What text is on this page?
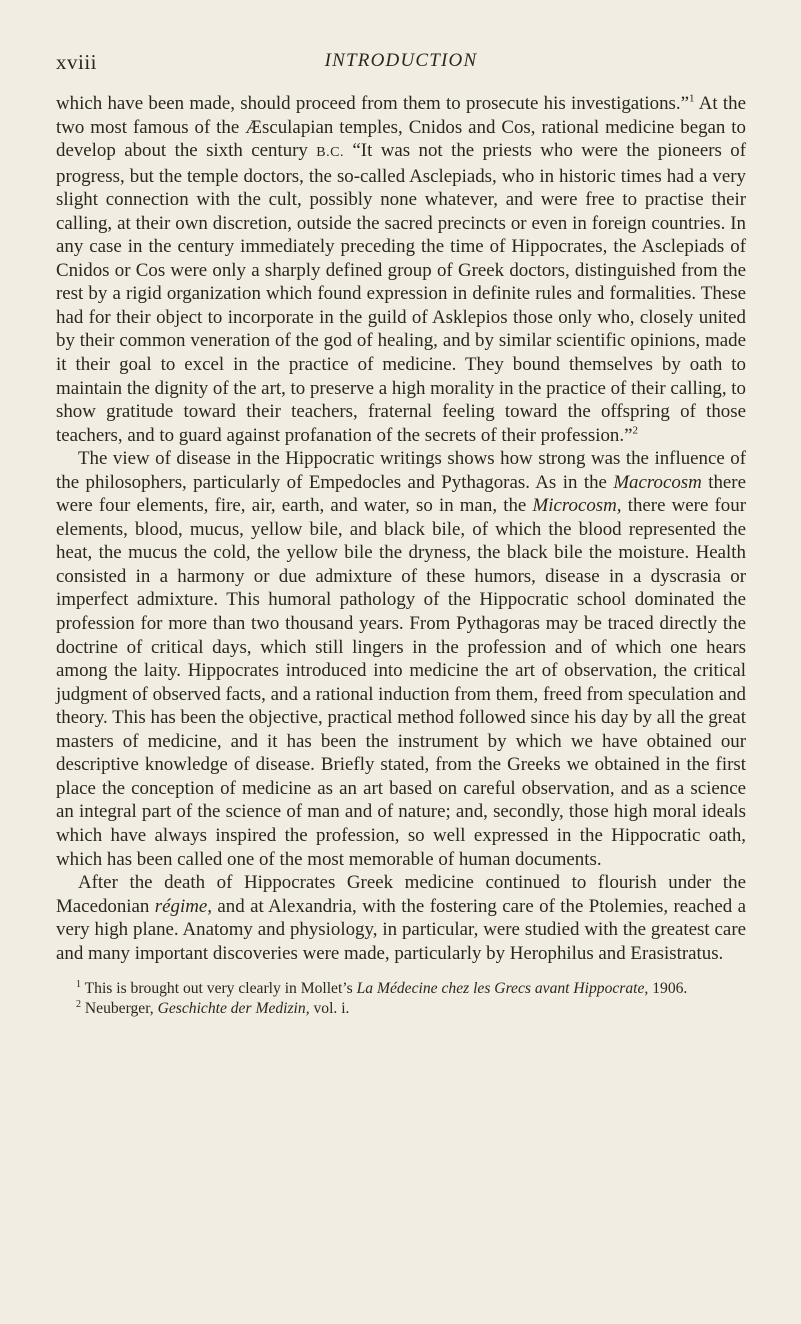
xviii	INTRODUCTION

which have been made, should proceed from them to prosecute his investigations.”$^1$ At the two most famous of the Æsculapian temples, Cnidos and Cos, rational medicine began to develop about the sixth century B.C. “It was not the priests who were the pioneers of progress, but the temple doctors, the so-called Asclepiads, who in historic times had a very slight connection with the cult, possibly none whatever, and were free to practise their calling, at their own discretion, outside the sacred precincts or even in foreign countries. In any case in the century immediately preceding the time of Hippocrates, the Asclepiads of Cnidos or Cos were only a sharply defined group of Greek doctors, distinguished from the rest by a rigid organization which found expression in definite rules and formalities. These had for their object to incorporate in the guild of Asklepios those only who, closely united by their common veneration of the god of healing, and by similar scientific opinions, made it their goal to excel in the practice of medicine. They bound themselves by oath to maintain the dignity of the art, to preserve a high morality in the practice of their calling, to show gratitude toward their teachers, fraternal feeling toward the offspring of those teachers, and to guard against profanation of the secrets of their profession.”$^2$

The view of disease in the Hippocratic writings shows how strong was the influence of the philosophers, particularly of Empedocles and Pythagoras. As in the Macrocosm there were four elements, fire, air, earth, and water, so in man, the Microcosm, there were four elements, blood, mucus, yellow bile, and black bile, of which the blood represented the heat, the mucus the cold, the yellow bile the dryness, the black bile the moisture. Health consisted in a harmony or due admixture of these humors, disease in a dyscrasia or imperfect admixture. This humoral pathology of the Hippocratic school dominated the profession for more than two thousand years. From Pythagoras may be traced directly the doctrine of critical days, which still lingers in the profession and of which one hears among the laity. Hippocrates introduced into medicine the art of observation, the critical judgment of observed facts, and a rational induction from them, freed from speculation and theory. This has been the objective, practical method followed since his day by all the great masters of medicine, and it has been the instrument by which we have obtained our descriptive knowledge of disease. Briefly stated, from the Greeks we obtained in the first place the conception of medicine as an art based on careful observation, and as a science an integral part of the science of man and of nature; and, secondly, those high moral ideals which have always inspired the profession, so well expressed in the Hippocratic oath, which has been called one of the most memorable of human documents.

After the death of Hippocrates Greek medicine continued to flourish under the Macedonian régime, and at Alexandria, with the fostering care of the Ptolemies, reached a very high plane. Anatomy and physiology, in particular, were studied with the greatest care and many important discoveries were made, particularly by Herophilus and Erasistratus.

$^1$ This is brought out very clearly in Mollet’s La Médecine chez les Grecs avant Hippocrate, 1906.

$^2$ Neuberger, Geschichte der Medizin, vol. i.
